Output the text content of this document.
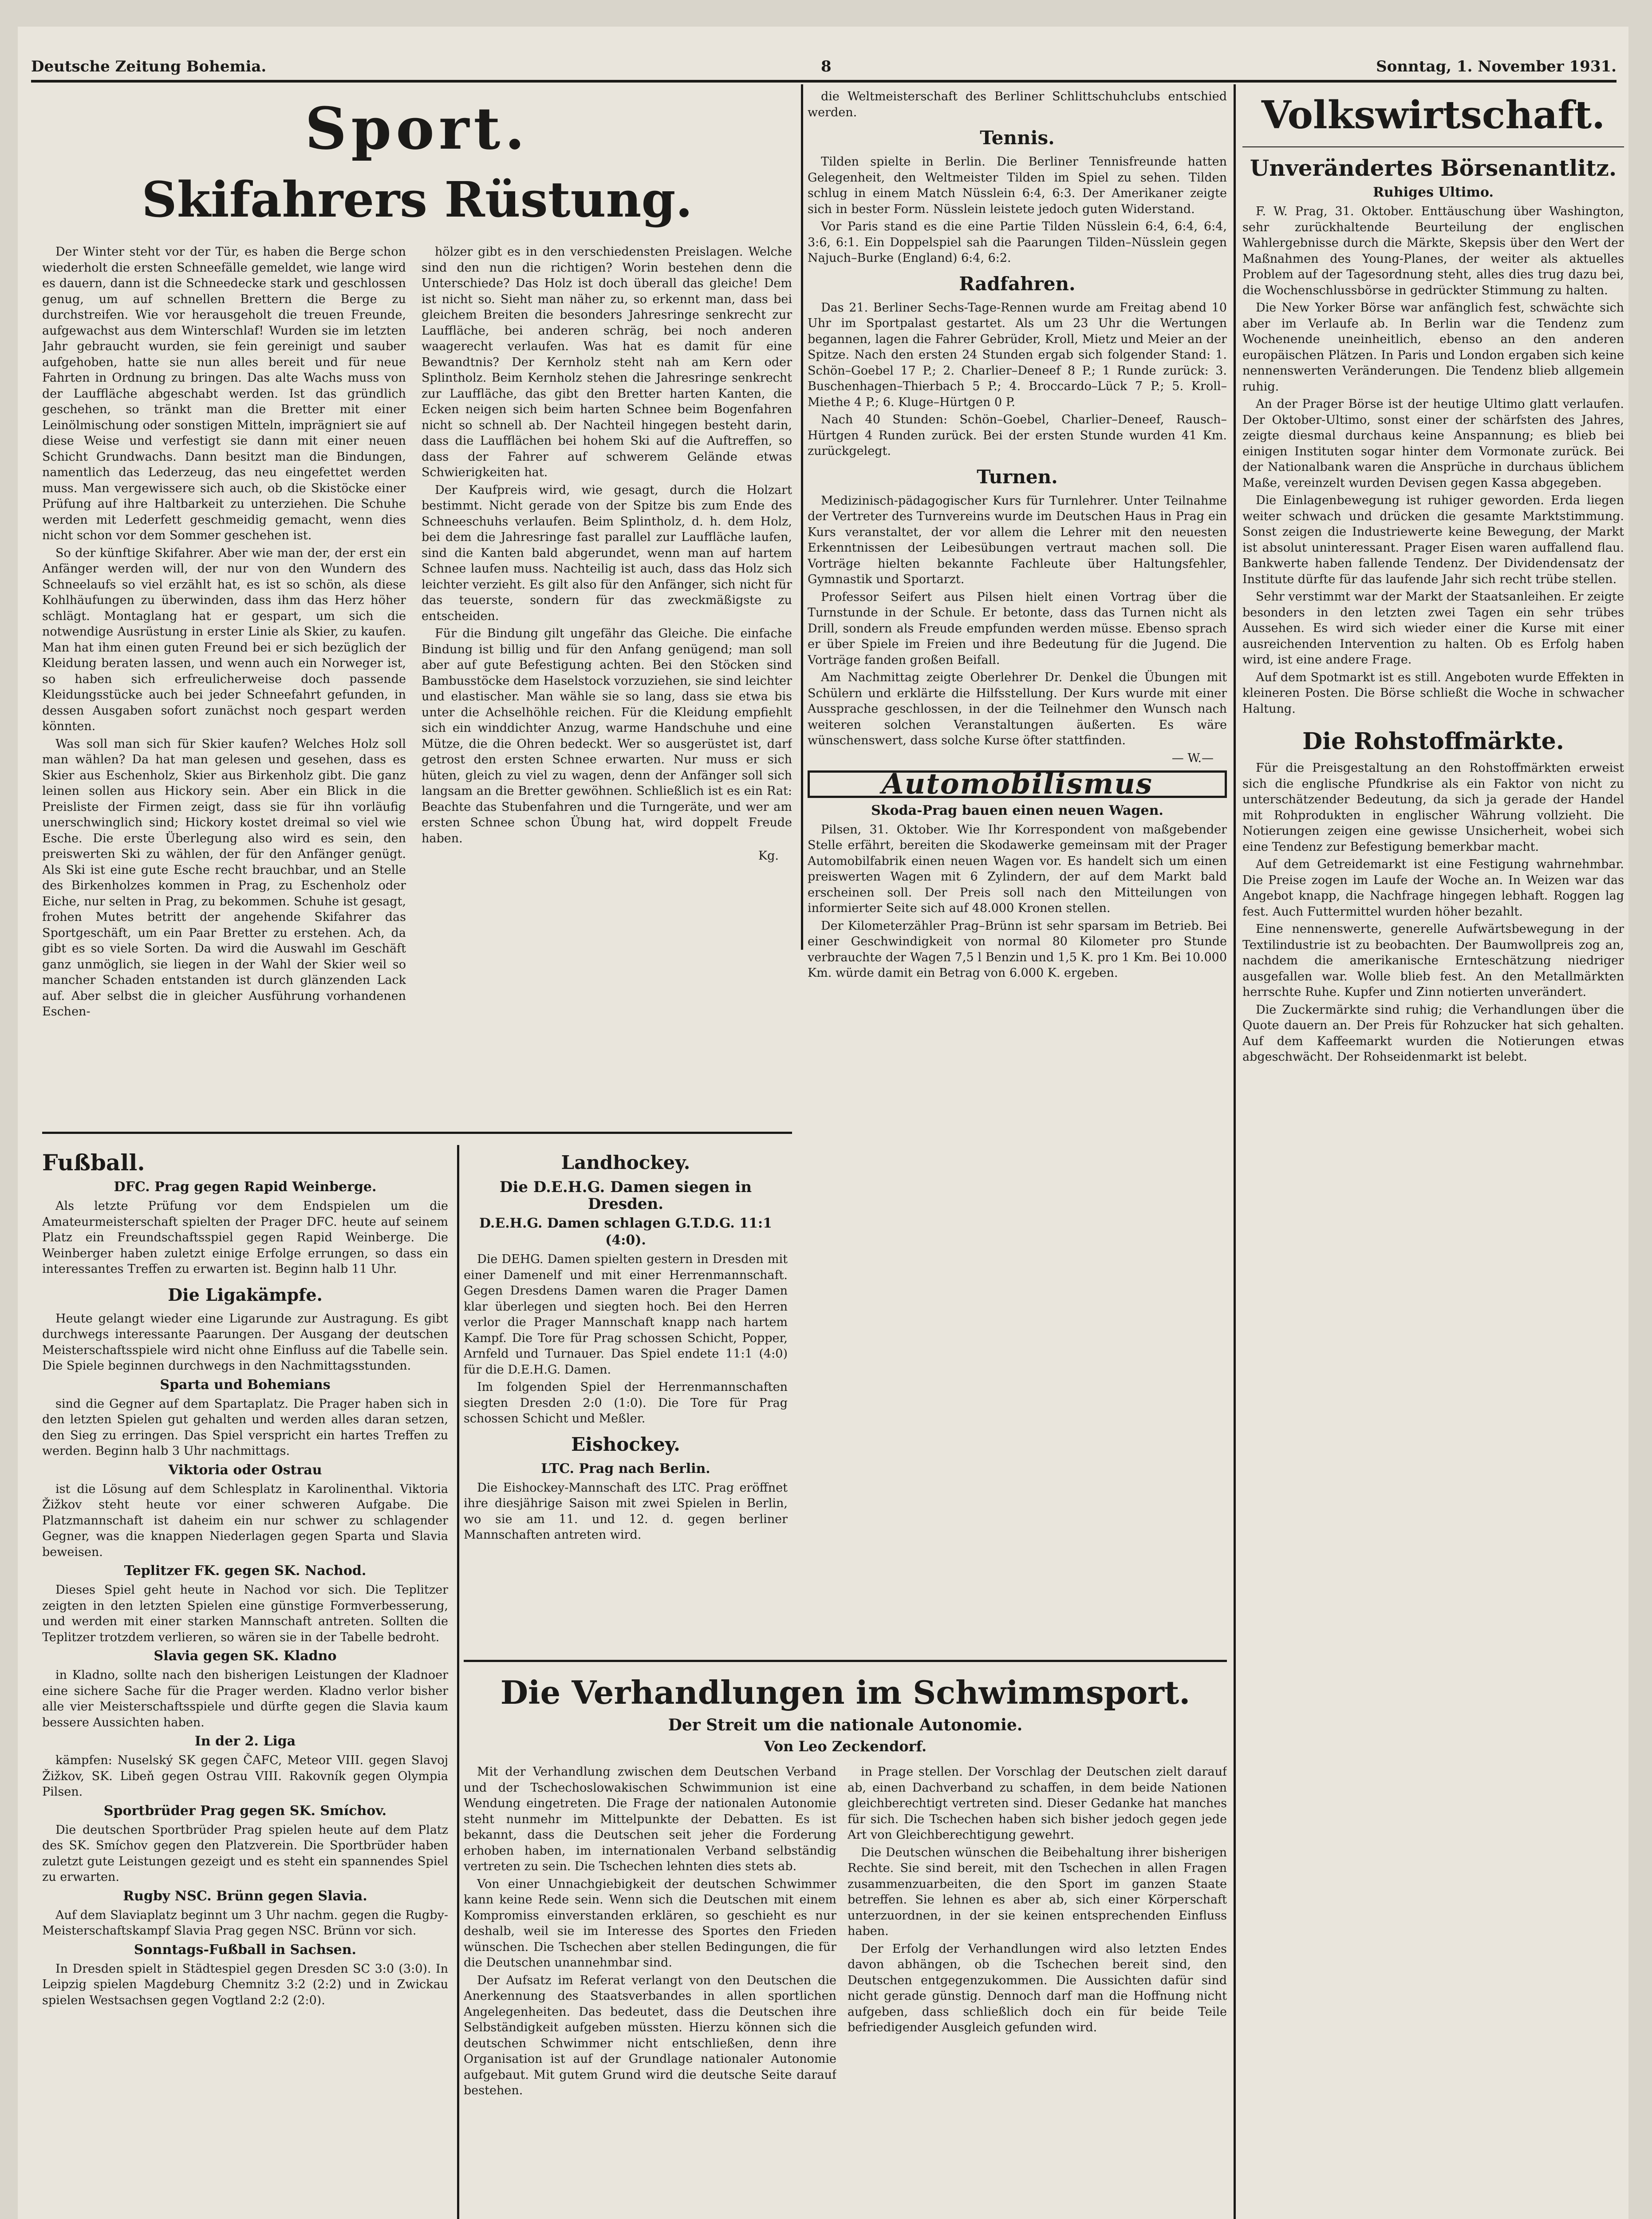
Deutsche Zeitung Bohemia.	8	Sonntag, 1. November 1931.
Sport.
Skifahrers Rüstung.

Der Winter steht vor der Tür, es haben die Berge schon wiederholt die ersten Schneefälle gemeldet, wie lange wird es dauern, dann ist die Schneedecke stark und geschlossen genug, um auf schnellen Brettern die Berge zu durchstreifen. Wie vor herausgeholt die treuen Freunde, aufgewachst aus dem Winterschlaf! Wurden sie im letzten Jahr gebraucht wurden, sie fein gereinigt und sauber aufgehoben, hatte sie nun alles bereit und für neue Fahrten in Ordnung zu bringen. Das alte Wachs muss von der Lauffläche abgeschabt werden. Ist das gründlich geschehen, so tränkt man die Bretter mit einer Leinölmischung oder sonstigen Mitteln, imprägniert sie auf diese Weise und verfestigt sie dann mit einer neuen Schicht Grundwachs. Dann besitzt man die Bindungen, namentlich das Lederzeug, das neu eingefettet werden muss. Man vergewissere sich auch, ob die Skistöcke einer Prüfung auf ihre Haltbarkeit zu unterziehen. Die Schuhe werden mit Lederfett geschmeidig gemacht, wenn dies nicht schon vor dem Sommer geschehen ist.

So der künftige Skifahrer. Aber wie man der, der erst ein Anfänger werden will, der nur von den Wundern des Schneelaufs so viel erzählt hat, es ist so schön, als diese Kohlhäufungen zu überwinden, dass ihm das Herz höher schlägt. Montaglang hat er gespart, um sich die notwendige Ausrüstung in erster Linie als Skier, zu kaufen. Man hat ihm einen guten Freund bei er sich bezüglich der Kleidung beraten lassen, und wenn auch ein Norweger ist, so haben sich erfreulicherweise doch passende Kleidungsstücke auch bei jeder Schneefahrt gefunden, in dessen Ausgaben sofort zunächst noch gespart werden könnten.

Was soll man sich für Skier kaufen? Welches Holz soll man wählen? Da hat man gelesen und gesehen, dass es Skier aus Eschenholz, Skier aus Birkenholz gibt. Die ganz leinen sollen aus Hickory sein. Aber ein Blick in die Preisliste der Firmen zeigt, dass sie für ihn vorläufig unerschwinglich sind; Hickory kostet dreimal so viel wie Esche. Die erste Überlegung also wird es sein, den preiswerten Ski zu wählen, der für den Anfänger genügt. Als Ski ist eine gute Esche recht brauchbar, und an Stelle des Birkenholzes kommen in Prag, zu Eschenholz oder Eiche, nur selten in Prag, zu bekommen. Schuhe ist gesagt, frohen Mutes betritt der angehende Skifahrer das Sportgeschäft, um ein Paar Bretter zu erstehen. Ach, da gibt es so viele Sorten. Da wird die Auswahl im Geschäft ganz unmöglich, sie liegen in der Wahl der Skier weil so mancher Schaden entstanden ist durch glänzenden Lack auf. Aber selbst die in gleicher Ausführung vorhandenen Eschen-

hölzer gibt es in den verschiedensten Preislagen. Welche sind den nun die richtigen? Worin bestehen denn die Unterschiede? Das Holz ist doch überall das gleiche! Dem ist nicht so. Sieht man näher zu, so erkennt man, dass bei gleichem Breiten die besonders Jahresringe senkrecht zur Lauffläche, bei anderen schräg, bei noch anderen waagerecht verlaufen. Was hat es damit für eine Bewandtnis? Der Kernholz steht nah am Kern oder Splintholz. Beim Kernholz stehen die Jahresringe senkrecht zur Lauffläche, das gibt den Bretter harten Kanten, die Ecken neigen sich beim harten Schnee beim Bogenfahren nicht so schnell ab. Der Nachteil hingegen besteht darin, dass die Laufflächen bei hohem Ski auf die Auftreffen, so dass der Fahrer auf schwerem Gelände etwas Schwierigkeiten hat.

Der Kaufpreis wird, wie gesagt, durch die Holzart bestimmt. Nicht gerade von der Spitze bis zum Ende des Schneeschuhs verlaufen. Beim Splintholz, d. h. dem Holz, bei dem die Jahresringe fast parallel zur Lauffläche laufen, sind die Kanten bald abgerundet, wenn man auf hartem Schnee laufen muss. Nachteilig ist auch, dass das Holz sich leichter verzieht. Es gilt also für den Anfänger, sich nicht für das teuerste, sondern für das zweckmäßigste zu entscheiden.

Für die Bindung gilt ungefähr das Gleiche. Die einfache Bindung ist billig und für den Anfang genügend; man soll aber auf gute Befestigung achten. Bei den Stöcken sind Bambusstöcke dem Haselstock vorzuziehen, sie sind leichter und elastischer. Man wähle sie so lang, dass sie etwa bis unter die Achselhöhle reichen. Für die Kleidung empfiehlt sich ein winddichter Anzug, warme Handschuhe und eine Mütze, die die Ohren bedeckt. Wer so ausgerüstet ist, darf getrost den ersten Schnee erwarten. Nur muss er sich hüten, gleich zu viel zu wagen, denn der Anfänger soll sich langsam an die Bretter gewöhnen. Schließlich ist es ein Rat: Beachte das Stubenfahren und die Turngeräte, und wer am ersten Schnee schon Übung hat, wird doppelt Freude haben.

Kg.
Fußball.
DFC. Prag gegen Rapid Weinberge.

Als letzte Prüfung vor dem Endspielen um die Amateurmeisterschaft spielten der Prager DFC. heute auf seinem Platz ein Freundschaftsspiel gegen Rapid Weinberge. Die Weinberger haben zuletzt einige Erfolge errungen, so dass ein interessantes Treffen zu erwarten ist. Beginn halb 11 Uhr.

Die Ligakämpfe.

Heute gelangt wieder eine Ligarunde zur Austragung. Es gibt durchwegs interessante Paarungen. Der Ausgang der deutschen Meisterschaftsspiele wird nicht ohne Einfluss auf die Tabelle sein. Die Spiele beginnen durchwegs in den Nachmittagsstunden.

Sparta und Bohemians

sind die Gegner auf dem Spartaplatz. Die Prager haben sich in den letzten Spielen gut gehalten und werden alles daran setzen, den Sieg zu erringen. Das Spiel verspricht ein hartes Treffen zu werden. Beginn halb 3 Uhr nachmittags.

Viktoria oder Ostrau

ist die Lösung auf dem Schlesplatz in Karolinenthal. Viktoria Žižkov steht heute vor einer schweren Aufgabe. Die Platzmannschaft ist daheim ein nur schwer zu schlagender Gegner, was die knappen Niederlagen gegen Sparta und Slavia beweisen.

Teplitzer FK. gegen SK. Nachod.

Dieses Spiel geht heute in Nachod vor sich. Die Teplitzer zeigten in den letzten Spielen eine günstige Formverbesserung, und werden mit einer starken Mannschaft antreten. Sollten die Teplitzer trotzdem verlieren, so wären sie in der Tabelle bedroht.

Slavia gegen SK. Kladno

in Kladno, sollte nach den bisherigen Leistungen der Kladnoer eine sichere Sache für die Prager werden. Kladno verlor bisher alle vier Meisterschaftsspiele und dürfte gegen die Slavia kaum bessere Aussichten haben.

In der 2. Liga

kämpfen: Nuselský SK gegen ČAFC, Meteor VIII. gegen Slavoj Žižkov, SK. Libeň gegen Ostrau VIII. Rakovník gegen Olympia Pilsen.

Sportbrüder Prag gegen SK. Smíchov.

Die deutschen Sportbrüder Prag spielen heute auf dem Platz des SK. Smíchov gegen den Platzverein. Die Sportbrüder haben zuletzt gute Leistungen gezeigt und es steht ein spannendes Spiel zu erwarten.

Rugby NSC. Brünn gegen Slavia.

Auf dem Slaviaplatz beginnt um 3 Uhr nachm. gegen die Rugby-Meisterschaftskampf Slavia Prag gegen NSC. Brünn vor sich.

Sonntags-Fußball in Sachsen.

In Dresden spielt in Städtespiel gegen Dresden SC 3:0 (3:0). In Leipzig spielen Magdeburg Chemnitz 3:2 (2:2) und in Zwickau spielen Westsachsen gegen Vogtland 2:2 (2:0).

Landhockey.
Die D.E.H.G. Damen siegen in Dresden.
D.E.H.G. Damen schlagen G.T.D.G. 11:1 (4:0).

Die DEHG. Damen spielten gestern in Dresden mit einer Damenelf und mit einer Herrenmannschaft. Gegen Dresdens Damen waren die Prager Damen klar überlegen und siegten hoch. Bei den Herren verlor die Prager Mannschaft knapp nach hartem Kampf. Die Tore für Prag schossen Schicht, Popper, Arnfeld und Turnauer. Das Spiel endete 11:1 (4:0) für die D.E.H.G. Damen.

Im folgenden Spiel der Herrenmannschaften siegten Dresden 2:0 (1:0). Die Tore für Prag schossen Schicht und Meßler.

Eishockey.
LTC. Prag nach Berlin.

Die Eishockey-Mannschaft des LTC. Prag eröffnet ihre diesjährige Saison mit zwei Spielen in Berlin, wo sie am 11. und 12. d. gegen berliner Mannschaften antreten wird.

die Weltmeisterschaft des Berliner Schlittschuhclubs entschied werden.

Tennis.

Tilden spielte in Berlin. Die Berliner Tennisfreunde hatten Gelegenheit, den Weltmeister Tilden im Spiel zu sehen. Tilden schlug in einem Match Nüsslein 6:4, 6:3. Der Amerikaner zeigte sich in bester Form. Nüsslein leistete jedoch guten Widerstand.

Vor Paris stand es die eine Partie Tilden Nüsslein 6:4, 6:4, 6:4, 3:6, 6:1. Ein Doppelspiel sah die Paarungen Tilden–Nüsslein gegen Najuch–Burke (England) 6:4, 6:2.

Radfahren.

Das 21. Berliner Sechs-Tage-Rennen wurde am Freitag abend 10 Uhr im Sportpalast gestartet. Als um 23 Uhr die Wertungen begannen, lagen die Fahrer Gebrüder, Kroll, Mietz und Meier an der Spitze. Nach den ersten 24 Stunden ergab sich folgender Stand: 1. Schön–Goebel 17 P.; 2. Charlier–Deneef 8 P.; 1 Runde zurück: 3. Buschenhagen–Thierbach 5 P.; 4. Broccardo–Lück 7 P.; 5. Kroll–Miethe 4 P.; 6. Kluge–Hürtgen 0 P.

Nach 40 Stunden: Schön–Goebel, Charlier–Deneef, Rausch–Hürtgen 4 Runden zurück. Bei der ersten Stunde wurden 41 Km. zurückgelegt.

Turnen.

Medizinisch-pädagogischer Kurs für Turnlehrer. Unter Teilnahme der Vertreter des Turnvereins wurde im Deutschen Haus in Prag ein Kurs veranstaltet, der vor allem die Lehrer mit den neuesten Erkenntnissen der Leibesübungen vertraut machen soll. Die Vorträge hielten bekannte Fachleute über Haltungsfehler, Gymnastik und Sportarzt.

Professor Seifert aus Pilsen hielt einen Vortrag über die Turnstunde in der Schule. Er betonte, dass das Turnen nicht als Drill, sondern als Freude empfunden werden müsse. Ebenso sprach er über Spiele im Freien und ihre Bedeutung für die Jugend. Die Vorträge fanden großen Beifall.

Am Nachmittag zeigte Oberlehrer Dr. Denkel die Übungen mit Schülern und erklärte die Hilfsstellung. Der Kurs wurde mit einer Aussprache geschlossen, in der die Teilnehmer den Wunsch nach weiteren solchen Veranstaltungen äußerten. Es wäre wünschenswert, dass solche Kurse öfter stattfinden.

— W.—
Automobilismus
Skoda-Prag bauen einen neuen Wagen.

Pilsen, 31. Oktober. Wie Ihr Korrespondent von maßgebender Stelle erfährt, bereiten die Skodawerke gemeinsam mit der Prager Automobilfabrik einen neuen Wagen vor. Es handelt sich um einen preiswerten Wagen mit 6 Zylindern, der auf dem Markt bald erscheinen soll. Der Preis soll nach den Mitteilungen von informierter Seite sich auf 48.000 Kronen stellen.

Der Kilometerzähler Prag–Brünn ist sehr sparsam im Betrieb. Bei einer Geschwindigkeit von normal 80 Kilometer pro Stunde verbrauchte der Wagen 7,5 l Benzin und 1,5 K. pro 1 Km. Bei 10.000 Km. würde damit ein Betrag von 6.000 K. ergeben.

Die Verhandlungen im Schwimmsport.
Der Streit um die nationale Autonomie.
Von Leo Zeckendorf.

Mit der Verhandlung zwischen dem Deutschen Verband und der Tschechoslowakischen Schwimmunion ist eine Wendung eingetreten. Die Frage der nationalen Autonomie steht nunmehr im Mittelpunkte der Debatten. Es ist bekannt, dass die Deutschen seit jeher die Forderung erhoben haben, im internationalen Verband selbständig vertreten zu sein. Die Tschechen lehnten dies stets ab.

Von einer Unnachgiebigkeit der deutschen Schwimmer kann keine Rede sein. Wenn sich die Deutschen mit einem Kompromiss einverstanden erklären, so geschieht es nur deshalb, weil sie im Interesse des Sportes den Frieden wünschen. Die Tschechen aber stellen Bedingungen, die für die Deutschen unannehmbar sind.

Der Aufsatz im Referat verlangt von den Deutschen die Anerkennung des Staatsverbandes in allen sportlichen Angelegenheiten. Das bedeutet, dass die Deutschen ihre Selbständigkeit aufgeben müssten. Hierzu können sich die deutschen Schwimmer nicht entschließen, denn ihre Organisation ist auf der Grundlage nationaler Autonomie aufgebaut. Mit gutem Grund wird die deutsche Seite darauf bestehen.

in Prage stellen. Der Vorschlag der Deutschen zielt darauf ab, einen Dachverband zu schaffen, in dem beide Nationen gleichberechtigt vertreten sind. Dieser Gedanke hat manches für sich. Die Tschechen haben sich bisher jedoch gegen jede Art von Gleichberechtigung gewehrt.

Die Deutschen wünschen die Beibehaltung ihrer bisherigen Rechte. Sie sind bereit, mit den Tschechen in allen Fragen zusammenzuarbeiten, die den Sport im ganzen Staate betreffen. Sie lehnen es aber ab, sich einer Körperschaft unterzuordnen, in der sie keinen entsprechenden Einfluss haben.

Der Erfolg der Verhandlungen wird also letzten Endes davon abhängen, ob die Tschechen bereit sind, den Deutschen entgegenzukommen. Die Aussichten dafür sind nicht gerade günstig. Dennoch darf man die Hoffnung nicht aufgeben, dass schließlich doch ein für beide Teile befriedigender Ausgleich gefunden wird.

Volkswirtschaft.
Unverändertes Börsenantlitz.
Ruhiges Ultimo.

F. W. Prag, 31. Oktober. Enttäuschung über Washington, sehr zurückhaltende Beurteilung der englischen Wahlergebnisse durch die Märkte, Skepsis über den Wert der Maßnahmen des Young-Planes, der weiter als aktuelles Problem auf der Tagesordnung steht, alles dies trug dazu bei, die Wochenschlussbörse in gedrückter Stimmung zu halten.

Die New Yorker Börse war anfänglich fest, schwächte sich aber im Verlaufe ab. In Berlin war die Tendenz zum Wochenende uneinheitlich, ebenso an den anderen europäischen Plätzen. In Paris und London ergaben sich keine nennenswerten Veränderungen. Die Tendenz blieb allgemein ruhig.

An der Prager Börse ist der heutige Ultimo glatt verlaufen. Der Oktober-Ultimo, sonst einer der schärfsten des Jahres, zeigte diesmal durchaus keine Anspannung; es blieb bei einigen Instituten sogar hinter dem Vormonate zurück. Bei der Nationalbank waren die Ansprüche in durchaus üblichem Maße, vereinzelt wurden Devisen gegen Kassa abgegeben.

Die Einlagenbewegung ist ruhiger geworden. Erda liegen weiter schwach und drücken die gesamte Marktstimmung. Sonst zeigen die Industriewerte keine Bewegung, der Markt ist absolut uninteressant. Prager Eisen waren auffallend flau. Bankwerte haben fallende Tendenz. Der Dividendensatz der Institute dürfte für das laufende Jahr sich recht trübe stellen.

Sehr verstimmt war der Markt der Staatsanleihen. Er zeigte besonders in den letzten zwei Tagen ein sehr trübes Aussehen. Es wird sich wieder einer die Kurse mit einer ausreichenden Intervention zu halten. Ob es Erfolg haben wird, ist eine andere Frage.

Auf dem Spotmarkt ist es still. Angeboten wurde Effekten in kleineren Posten. Die Börse schließt die Woche in schwacher Haltung.

Die Rohstoffmärkte.

Für die Preisgestaltung an den Rohstoffmärkten erweist sich die englische Pfundkrise als ein Faktor von nicht zu unterschätzender Bedeutung, da sich ja gerade der Handel mit Rohprodukten in englischer Währung vollzieht. Die Notierungen zeigen eine gewisse Unsicherheit, wobei sich eine Tendenz zur Befestigung bemerkbar macht.

Auf dem Getreidemarkt ist eine Festigung wahrnehmbar. Die Preise zogen im Laufe der Woche an. In Weizen war das Angebot knapp, die Nachfrage hingegen lebhaft. Roggen lag fest. Auch Futtermittel wurden höher bezahlt.

Eine nennenswerte, generelle Aufwärtsbewegung in der Textilindustrie ist zu beobachten. Der Baumwollpreis zog an, nachdem die amerikanische Ernteschätzung niedriger ausgefallen war. Wolle blieb fest. An den Metallmärkten herrschte Ruhe. Kupfer und Zinn notierten unverändert.

Die Zuckermärkte sind ruhig; die Verhandlungen über die Quote dauern an. Der Preis für Rohzucker hat sich gehalten. Auf dem Kaffeemarkt wurden die Notierungen etwas abgeschwächt. Der Rohseidenmarkt ist belebt.
